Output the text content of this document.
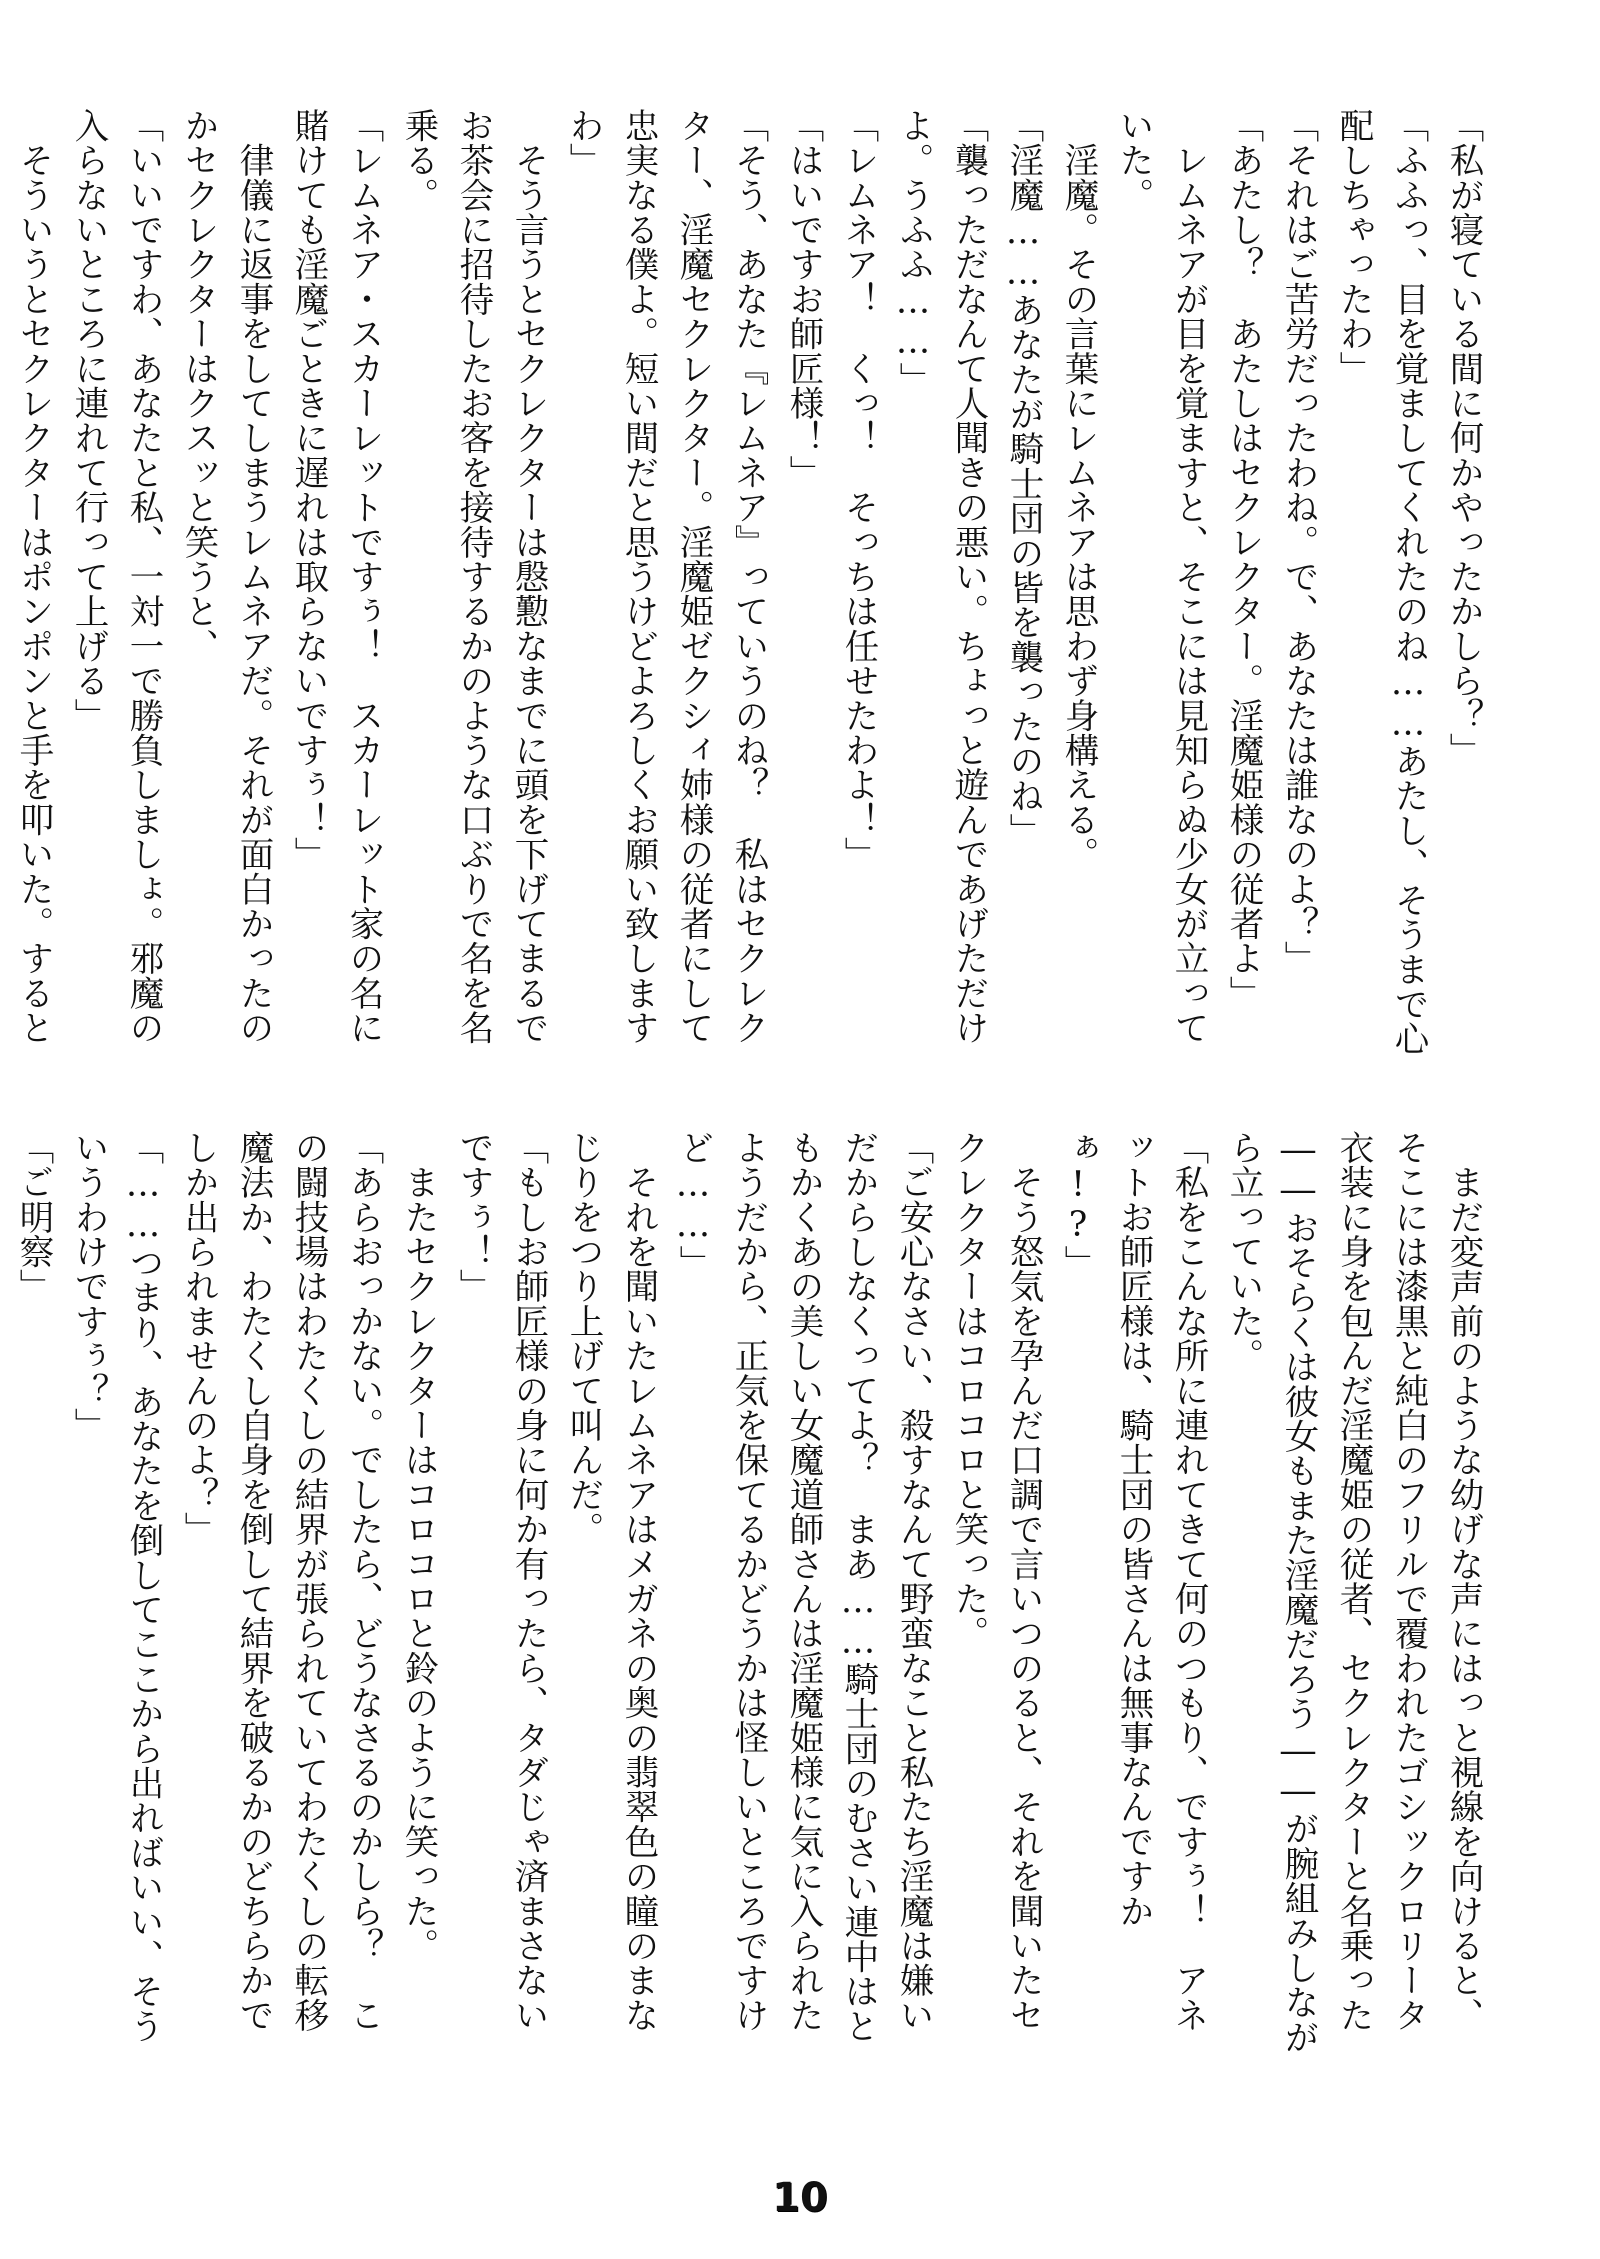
「私が寝ている間に何かやったかしら？」

「ふふっ、目を覚ましてくれたのね……あたし、そうまで心配しちゃったわ」

「それはご苦労だったわね。で、あなたは誰なのよ？」

「あたし？　あたしはセクレクター。淫魔姫様の従者よ」

　レムネアが目を覚ますと、そこには見知らぬ少女が立っていた。

　淫魔。その言葉にレムネアは思わず身構える。

「淫魔……あなたが騎士団の皆を襲ったのね」

「襲っただなんて人聞きの悪い。ちょっと遊んであげただけよ。うふふ……」

「レムネア！　くっ！　そっちは任せたわよ！」

「はいですお師匠様！」

「そう、あなた『レムネア』っていうのね？　私はセクレクター、淫魔セクレクター。淫魔姫ゼクシィ姉様の従者にして忠実なる僕よ。短い間だと思うけどよろしくお願い致しますわ」

　そう言うとセクレクターは慇懃なまでに頭を下げてまるでお茶会に招待したお客を接待するかのような口ぶりで名を名乗る。

「レムネア・スカーレットですぅ！　スカーレット家の名に賭けても淫魔ごときに遅れは取らないですぅ！」

　律儀に返事をしてしまうレムネアだ。それが面白かったのかセクレクターはクスッと笑うと、

「いいですわ、あなたと私、一対一で勝負しましょ。邪魔の入らないところに連れて行って上げる」

　そういうとセクレクターはポンポンと手を叩いた。すると

　まだ変声前のような幼げな声にはっと視線を向けると、そこには漆黒と純白のフリルで覆われたゴシックロリータ衣装に身を包んだ淫魔姫の従者、セクレクターと名乗った――おそらくは彼女もまた淫魔だろう――が腕組みしながら立っていた。

「私をこんな所に連れてきて何のつもり、ですぅ！　アネットお師匠様は、騎士団の皆さんは無事なんですかぁ!?」

　そう怒気を孕んだ口調で言いつのると、それを聞いたセクレクターはコロコロと笑った。

「ご安心なさい、殺すなんて野蛮なこと私たち淫魔は嫌いだからしなくってよ？　まあ……騎士団のむさい連中はともかくあの美しい女魔道師さんは淫魔姫様に気に入られたようだから、正気を保てるかどうかは怪しいところですけど……」

　それを聞いたレムネアはメガネの奥の翡翠色の瞳のまなじりをつり上げて叫んだ。

「もしお師匠様の身に何か有ったら、タダじゃ済まさないですぅ！」

　またセクレクターはコロコロと鈴のように笑った。

「あらおっかない。でしたら、どうなさるのかしら？　この闘技場はわたくしの結界が張られていてわたくしの転移魔法か、わたくし自身を倒して結界を破るかのどちらかでしか出られませんのよ？」

「……つまり、あなたを倒してここから出ればいい、そういうわけですぅ？」

「ご明察」

10
